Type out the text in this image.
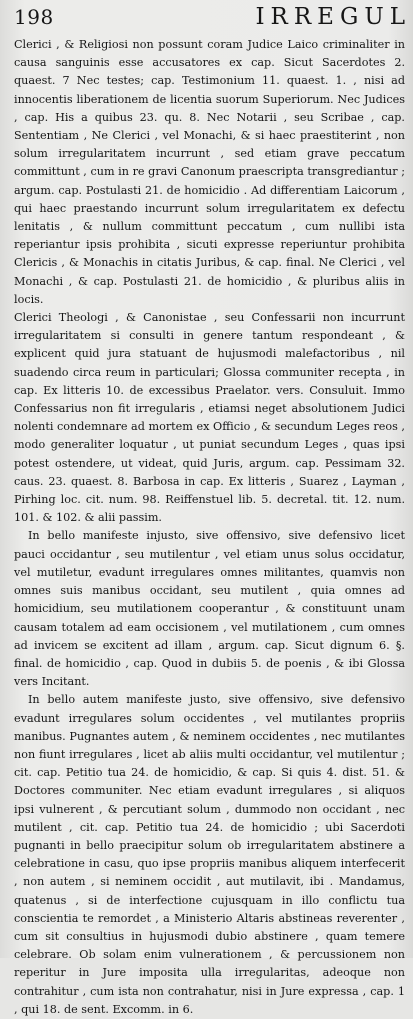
198	IRREGUL

Clerici , & Religiosi non possunt coram Judice Laico criminaliter in causa sanguinis esse accusatores ex cap. Sicut Sacerdotes 2. quaest. 7 Nec testes; cap. Testimonium 11. quaest. 1. , nisi ad innocentis liberationem de licentia suorum Superiorum. Nec Judices , cap. His a quibus 23. qu. 8. Nec Notarii , seu Scribae , cap. Sententiam , Ne Clerici , vel Monachi, & si haec praestiterint , non solum irregularitatem incurrunt , sed etiam grave peccatum committunt , cum in re gravi Canonum praescripta transgrediantur ; argum. cap. Postulasti 21. de homicidio . Ad differentiam Laicorum , qui haec praestando incurrunt solum irregularitatem ex defectu lenitatis , & nullum committunt peccatum , cum nullibi ista reperiantur ipsis prohibita , sicuti expresse reperiuntur prohibita Clericis , & Monachis in citatis Juribus, & cap. final. Ne Clerici , vel Monachi , & cap. Postulasti 21. de homicidio , & pluribus aliis in locis.

Clerici Theologi , & Canonistae , seu Confessarii non incurrunt irregularitatem si consulti in genere tantum respondeant , & explicent quid jura statuant de hujusmodi malefactoribus , nil suadendo circa reum in particulari; Glossa communiter recepta , in cap. Ex litteris 10. de excessibus Praelator. vers. Consuluit. Immo Confessarius non fit irregularis , etiamsi neget absolutionem Judici nolenti condemnare ad mortem ex Officio , & secundum Leges reos , modo generaliter loquatur , ut puniat secundum Leges , quas ipsi potest ostendere, ut videat, quid Juris, argum. cap. Pessimam 32. caus. 23. quaest. 8. Barbosa in cap. Ex litteris , Suarez , Layman , Pirhing loc. cit. num. 98. Reiffenstuel lib. 5. decretal. tit. 12. num. 101. & 102. & alii passim.

In bello manifeste injusto, sive offensivo, sive defensivo licet pauci occidantur , seu mutilentur , vel etiam unus solus occidatur, vel mutiletur, evadunt irregulares omnes militantes, quamvis non omnes suis manibus occidant, seu mutilent , quia omnes ad homicidium, seu mutilationem cooperantur , & constituunt unam causam totalem ad eam occisionem , vel mutilationem , cum omnes ad invicem se excitent ad illam , argum. cap. Sicut dignum 6. §. final. de homicidio , cap. Quod in dubiis 5. de poenis , & ibi Glossa vers Incitant.

In bello autem manifeste justo, sive offensivo, sive defensivo evadunt irregulares solum occidentes , vel mutilantes propriis manibus. Pugnantes autem , & neminem occidentes , nec mutilantes non fiunt irregulares , licet ab aliis multi occidantur, vel mutilentur ; cit. cap. Petitio tua 24. de homicidio, & cap. Si quis 4. dist. 51. & Doctores communiter. Nec etiam evadunt irregulares , si aliquos ipsi vulnerent , & percutiant solum , dummodo non occidant , nec mutilent , cit. cap. Petitio tua 24. de homicidio ; ubi Sacerdoti pugnanti in bello praecipitur solum ob irregularitatem abstinere a celebratione in casu, quo ipse propriis manibus aliquem interfecerit , non autem , si neminem occidit , aut mutilavit, ibi . Mandamus, quatenus , si de interfectione cujusquam in illo conflictu tua conscientia te remordet , a Ministerio Altaris abstineas reverenter , cum sit consultius in hujusmodi dubio abstinere , quam temere celebrare. Ob solam enim vulnerationem , & percussionem non reperitur in Jure imposita ulla irregularitas, adeoque non contrahitur , cum ista non contrahatur, nisi in Jure expressa , cap. 1 , qui 18. de sent. Excomm. in 6.
